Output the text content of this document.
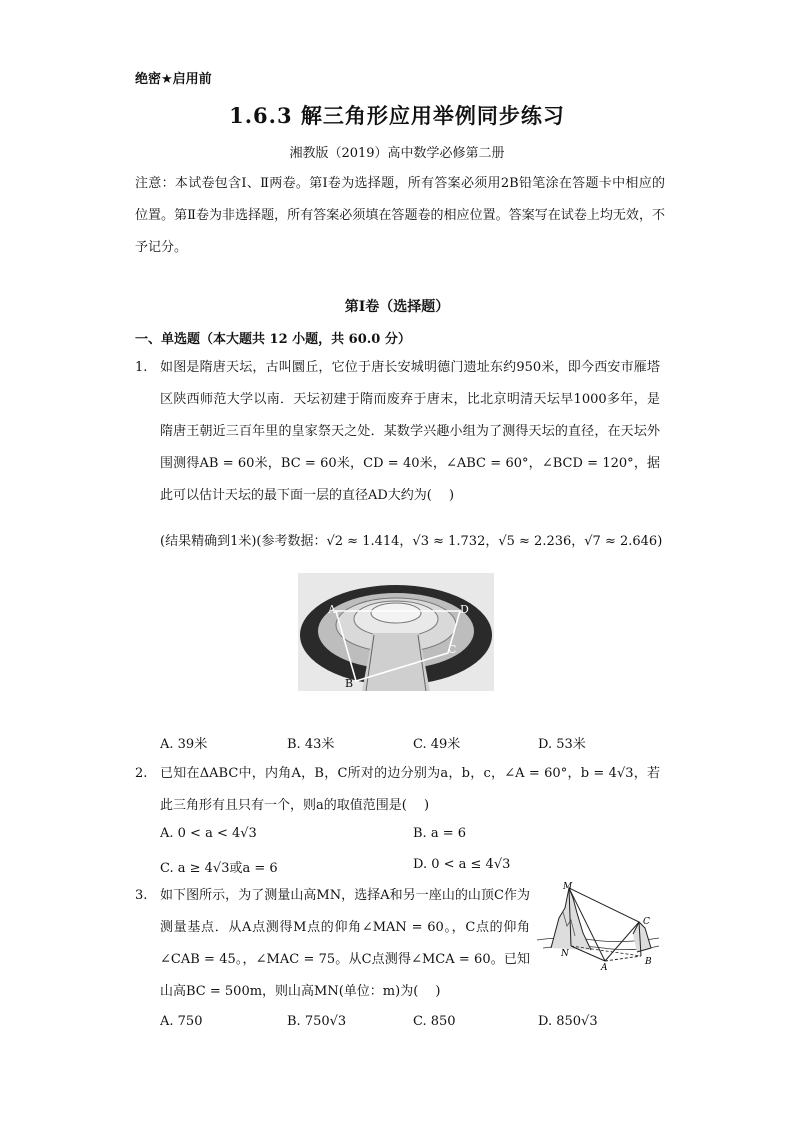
绝密★启用前
1.6.3 解三角形应用举例同步练习
湘教版（2019）高中数学必修第二册
注意：本试卷包含Ⅰ、Ⅱ两卷。第Ⅰ卷为选择题，所有答案必须用2B铅笔涂在答题卡中相应的位置。第Ⅱ卷为非选择题，所有答案必须填在答题卷的相应位置。答案写在试卷上均无效，不予记分。
第Ⅰ卷（选择题）
一、单选题（本大题共 12 小题，共 60.0 分）
1. 如图是隋唐天坛，古叫圜丘，它位于唐长安城明德门遗址东约950米，即今西安市雁塔区陕西师范大学以南．天坛初建于隋而废弃于唐末，比北京明清天坛早1000多年，是隋唐王朝近三百年里的皇家祭天之处．某数学兴趣小组为了测得天坛的直径，在天坛外围测得AB = 60米，BC = 60米，CD = 40米，∠ABC = 60°，∠BCD = 120°，据此可以估计天坛的最下面一层的直径AD大约为(　 )
(结果精确到1米)(参考数据：√2 ≈ 1.414，√3 ≈ 1.732，√5 ≈ 2.236，√7 ≈ 2.646)
A	D
C
B
A. 39米	B. 43米	C. 49米	D. 53米
2. 已知在ΔABC中，内角A，B，C所对的边分别为a，b，c，∠A = 60°，b = 4√3，若此三角形有且只有一个，则a的取值范围是(　 )
A. 0 < a < 4√3	B. a = 6
C. a ≥ 4√3或a = 6	D. 0 < a ≤ 4√3
3. 如下图所示，为了测量山高MN，选择A和另一座山的山顶C作为测量基点．从A点测得M点的仰角∠MAN = 60。，C点的仰角∠CAB = 45。，∠MAC = 75。从C点测得∠MCA = 60。已知山高BC = 500m，则山高MN(单位：m)为(　 )
M
C
N
A
B
A. 750	B. 750√3	C. 850	D. 850√3
